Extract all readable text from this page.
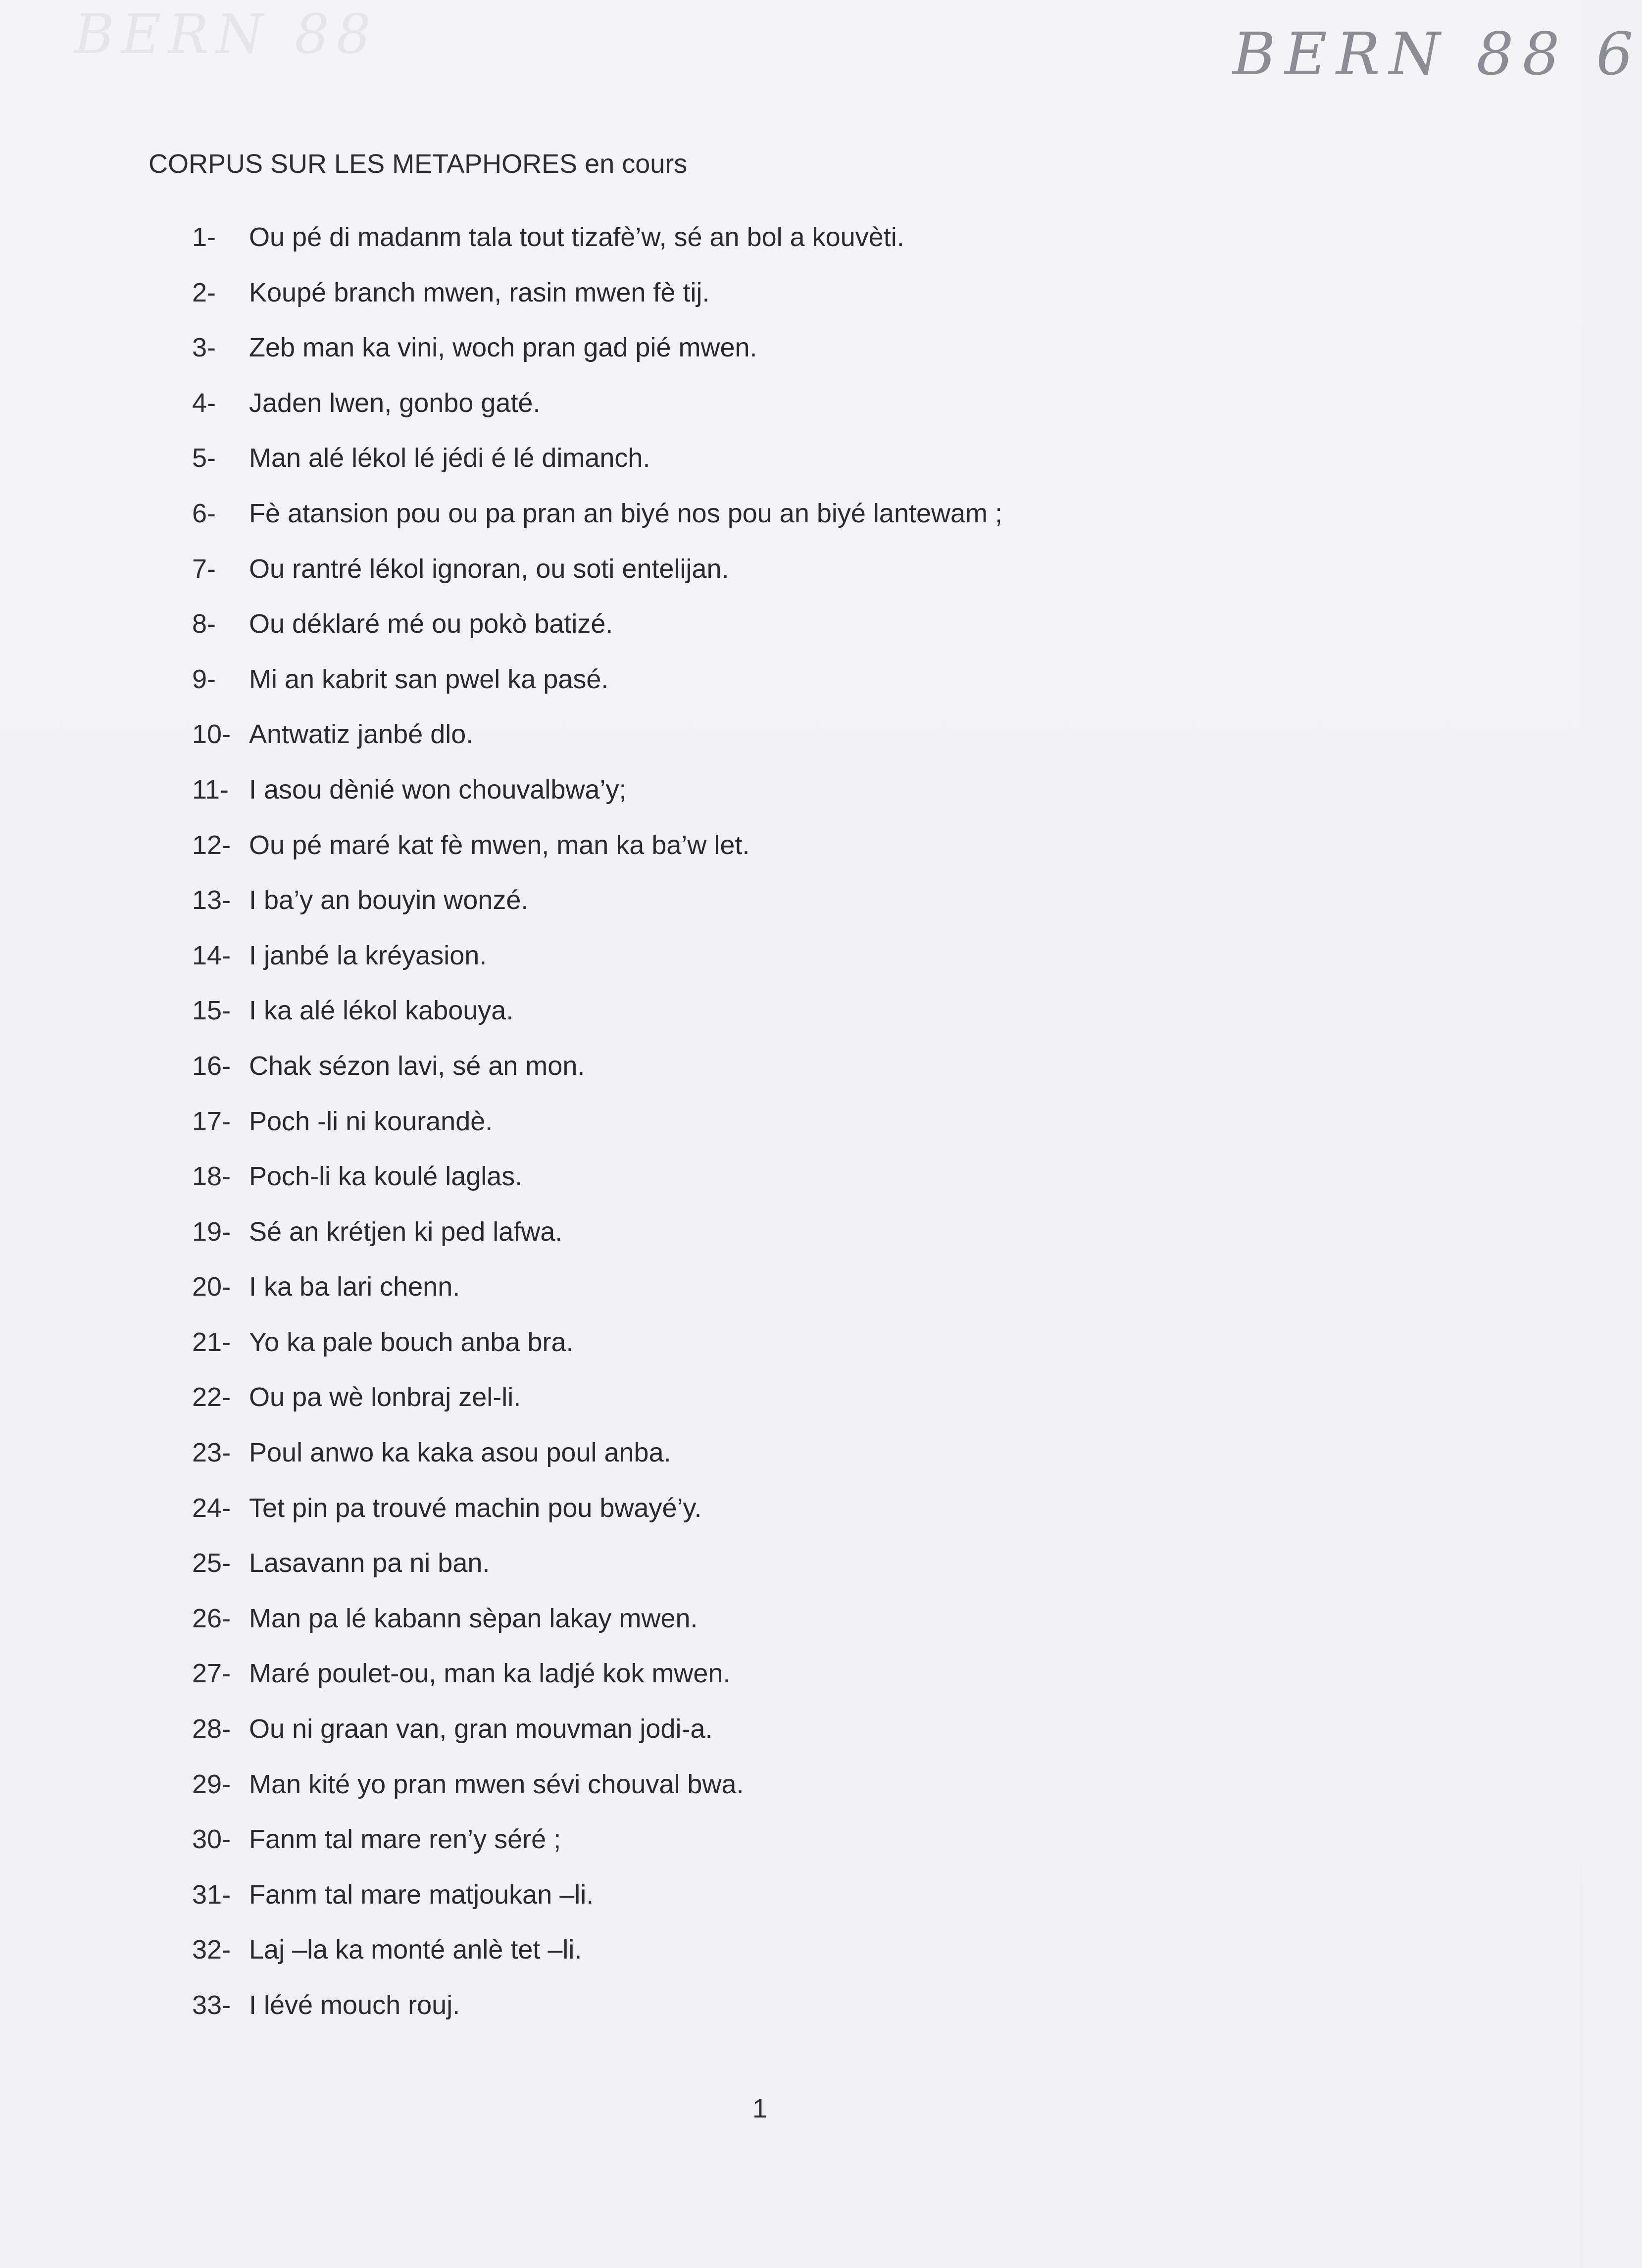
BERN 88	BERN 88 6
CORPUS SUR LES METAPHORES en cours
1-	Ou pé di madanm tala tout tizafè’w, sé an bol a kouvèti.
2-	Koupé branch mwen, rasin mwen fè tij.
3-	Zeb man ka vini, woch pran gad pié mwen.
4-	Jaden lwen, gonbo gaté.
5-	Man alé lékol lé jédi é lé dimanch.
6-	Fè atansion pou ou pa pran an biyé nos pou an biyé lantewam ;
7-	Ou rantré lékol ignoran, ou soti entelijan.
8-	Ou déklaré mé ou pokò batizé.
9-	Mi an kabrit san pwel ka pasé.
10- Antwatiz janbé dlo.
11- I asou dènié won chouvalbwa’y;
12- Ou pé maré kat fè mwen, man ka ba’w let.
13- I ba’y an bouyin wonzé.
14- I janbé la kréyasion.
15- I ka alé lékol kabouya.
16- Chak sézon lavi, sé an mon.
17- Poch -li ni kourandè.
18- Poch-li ka koulé laglas.
19- Sé an krétjen ki ped lafwa.
20- I ka ba lari chenn.
21- Yo ka pale bouch anba bra.
22- Ou pa wè lonbraj zel-li.
23- Poul anwo ka kaka asou poul anba.
24- Tet pin pa trouvé machin pou bwayé’y.
25- Lasavann pa ni ban.
26- Man pa lé kabann sèpan lakay mwen.
27- Maré poulet-ou, man ka ladjé kok mwen.
28- Ou ni graan van, gran mouvman jodi-a.
29- Man kité yo pran mwen sévi chouval bwa.
30- Fanm tal mare ren’y séré ;
31- Fanm tal mare matjoukan –li.
32- Laj –la ka monté anlè tet –li.
33- I lévé mouch rouj.
1
